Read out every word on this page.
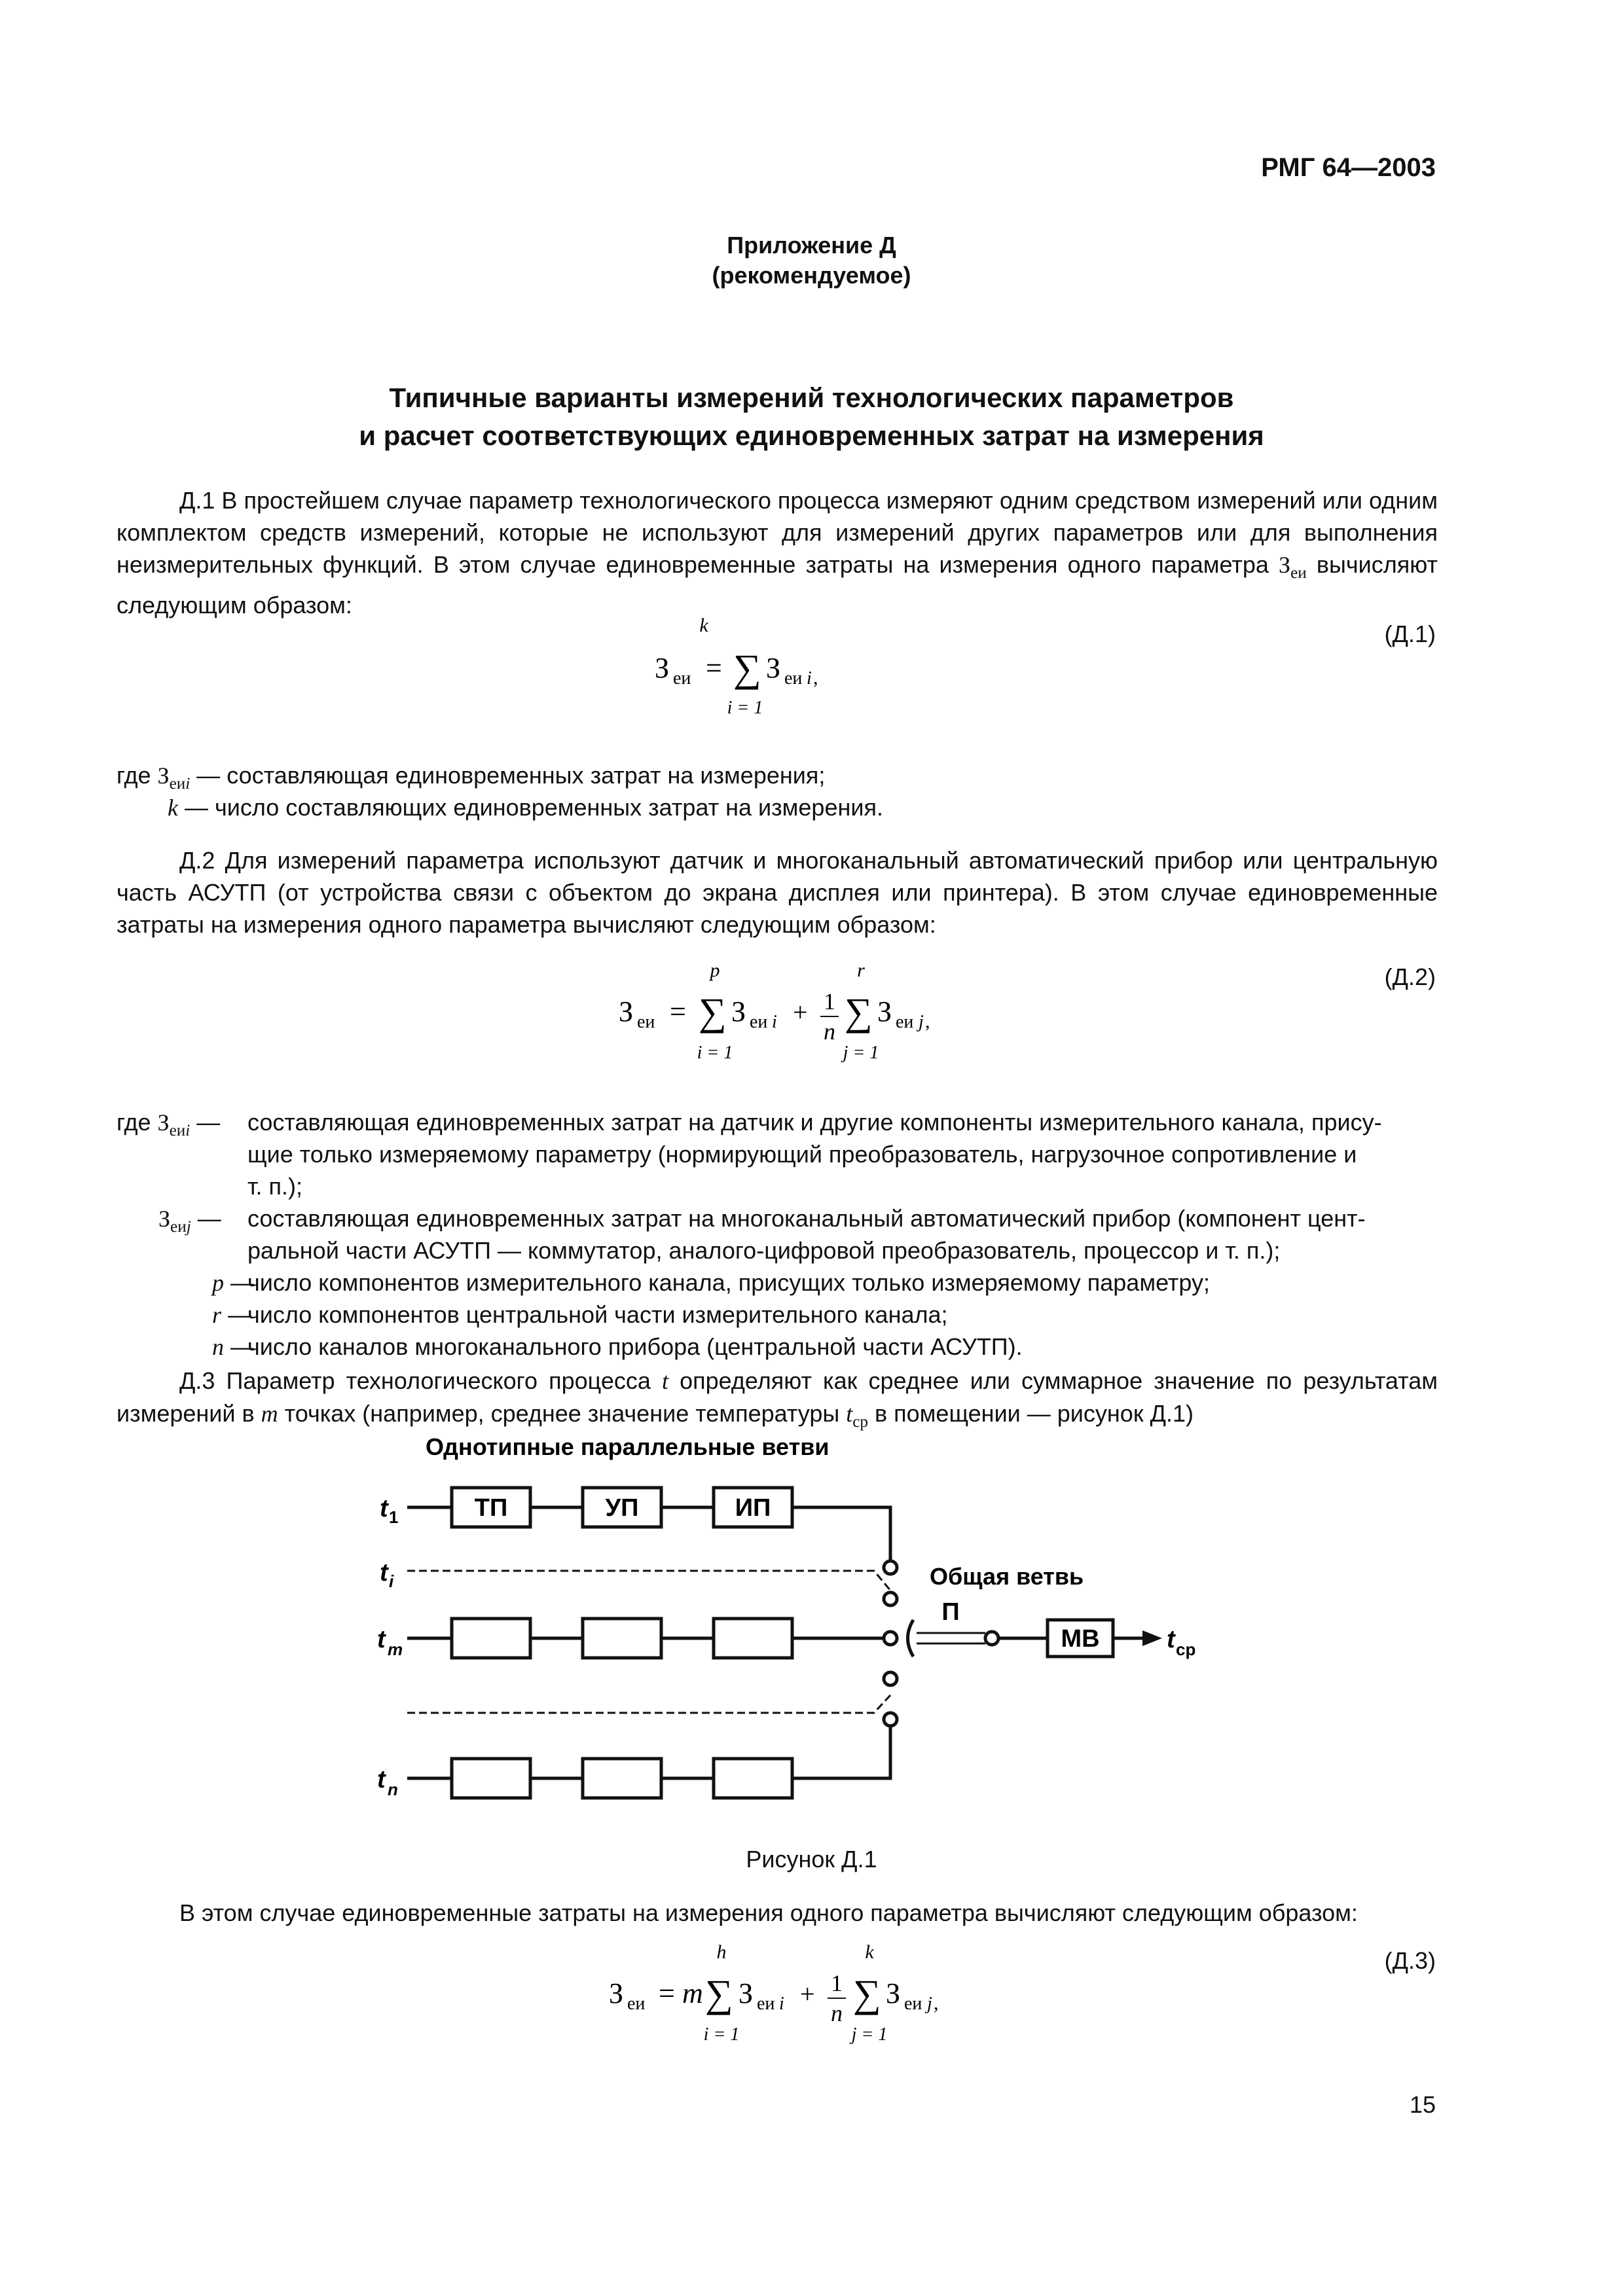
РМГ 64—2003
Приложение Д
(рекомендуемое)
Типичные варианты измерений технологических параметров
и расчет соответствующих единовременных затрат на измерения
Д.1 В простейшем случае параметр технологического процесса измеряют одним средством измерений или одним комплектом средств измерений, которые не используют для измерений других параметров или для выполнения неизмерительных функций. В этом случае единовременные затраты на измерения одного параметра $З_{еи}$ вычисляют следующим образом:
k
З еи = ∑
i = 1
З еи i ,
(Д.1)
где $З_{еиi}$ — составляющая единовременных затрат на измерения;
k — число составляющих единовременных затрат на измерения.
Д.2 Для измерений параметра используют датчик и многоканальный автоматический прибор или центральную часть АСУТП (от устройства связи с объектом до экрана дисплея или принтера). В этом случае единовременные затраты на измерения одного параметра вычисляют следующим образом:
З еи =
p
∑
i = 1
З еи i + 1
n
r
∑
j = 1
З еи j ,
(Д.2)
где $З_{еиi}$ — составляющая единовременных затрат на датчик и другие компоненты измерительного канала, прису-
щие только измеряемому параметру (нормирующий преобразователь, нагрузочное сопротивление и
т. п.);
$З_{еиj}$ — составляющая единовременных затрат на многоканальный автоматический прибор (компонент цент-
ральной части АСУТП — коммутатор, аналого-цифровой преобразователь, процессор и т. п.);
p —
число компонентов измерительного канала, присущих только измеряемому параметру;
r —
число компонентов центральной части измерительного канала;
n —
число каналов многоканального прибора (центральной части АСУТП).
Д.3 Параметр технологического процесса t определяют как среднее или суммарное значение по результатам измерений в m точках (например, среднее значение температуры $t_{ср}$ в помещении — рисунок Д.1)
Однотипные параллельные ветви
t 1	ТП	УП	ИП
t i
t m
П
Общая ветвь
МВ	t ср
t n
Рисунок Д.1
В этом случае единовременные затраты на измерения одного параметра вычисляют следующим образом:
З еи = m
h
∑
i = 1
З еи i + 1
n
k
∑
j = 1
З еи j ,
(Д.3)
15
